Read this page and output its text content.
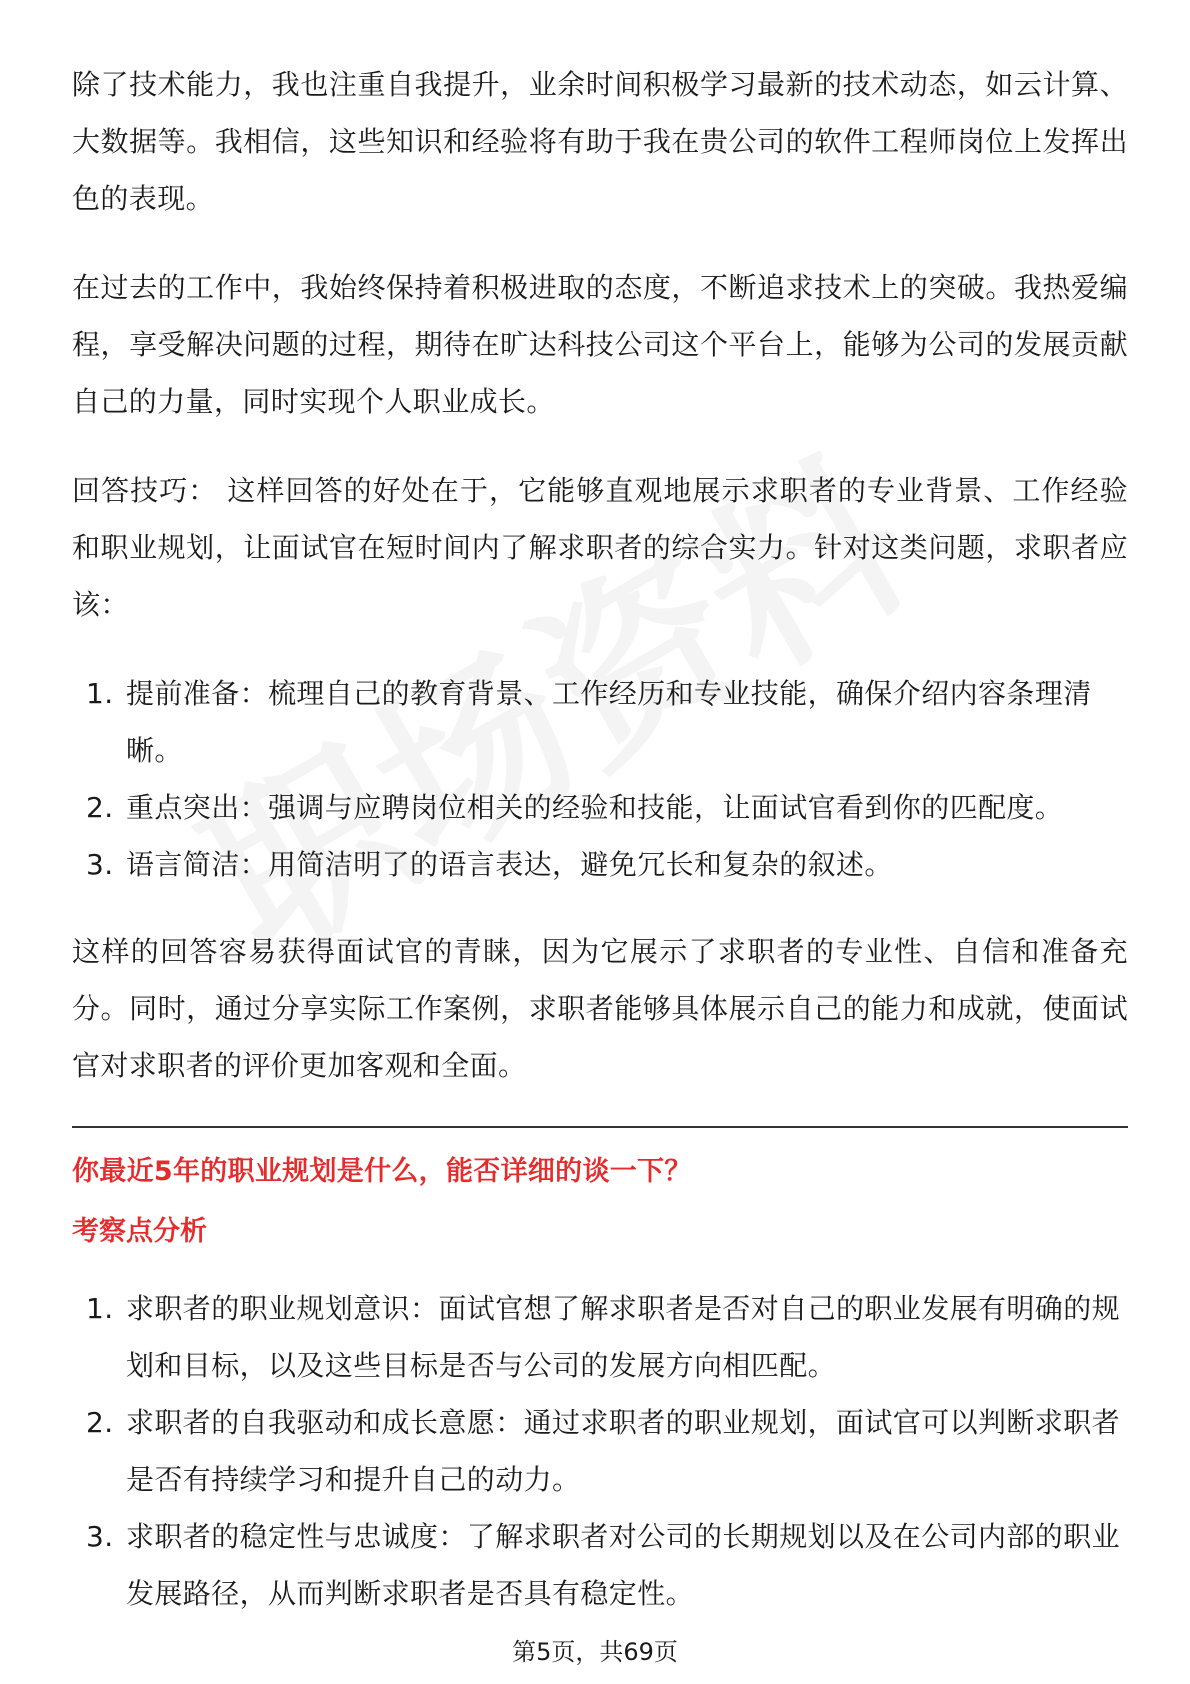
除了技术能力，我也注重自我提升，业余时间积极学习最新的技术动态，如云计算、大数据等。我相信，这些知识和经验将有助于我在贵公司的软件工程师岗位上发挥出色的表现。

在过去的工作中，我始终保持着积极进取的态度，不断追求技术上的突破。我热爱编程，享受解决问题的过程，期待在旷达科技公司这个平台上，能够为公司的发展贡献自己的力量，同时实现个人职业成长。

回答技巧： 这样回答的好处在于，它能够直观地展示求职者的专业背景、工作经验和职业规划，让面试官在短时间内了解求职者的综合实力。针对这类问题，求职者应该：

1. 提前准备：梳理自己的教育背景、工作经历和专业技能，确保介绍内容条理清晰。
2. 重点突出：强调与应聘岗位相关的经验和技能，让面试官看到你的匹配度。
3. 语言简洁：用简洁明了的语言表达，避免冗长和复杂的叙述。

这样的回答容易获得面试官的青睐，因为它展示了求职者的专业性、自信和准备充分。同时，通过分享实际工作案例，求职者能够具体展示自己的能力和成就，使面试官对求职者的评价更加客观和全面。

你最近5年的职业规划是什么，能否详细的谈一下？

考察点分析

1. 求职者的职业规划意识：面试官想了解求职者是否对自己的职业发展有明确的规划和目标，以及这些目标是否与公司的发展方向相匹配。
2. 求职者的自我驱动和成长意愿：通过求职者的职业规划，面试官可以判断求职者是否有持续学习和提升自己的动力。
3. 求职者的稳定性与忠诚度：了解求职者对公司的长期规划以及在公司内部的职业发展路径，从而判断求职者是否具有稳定性。
第5页，共69页
